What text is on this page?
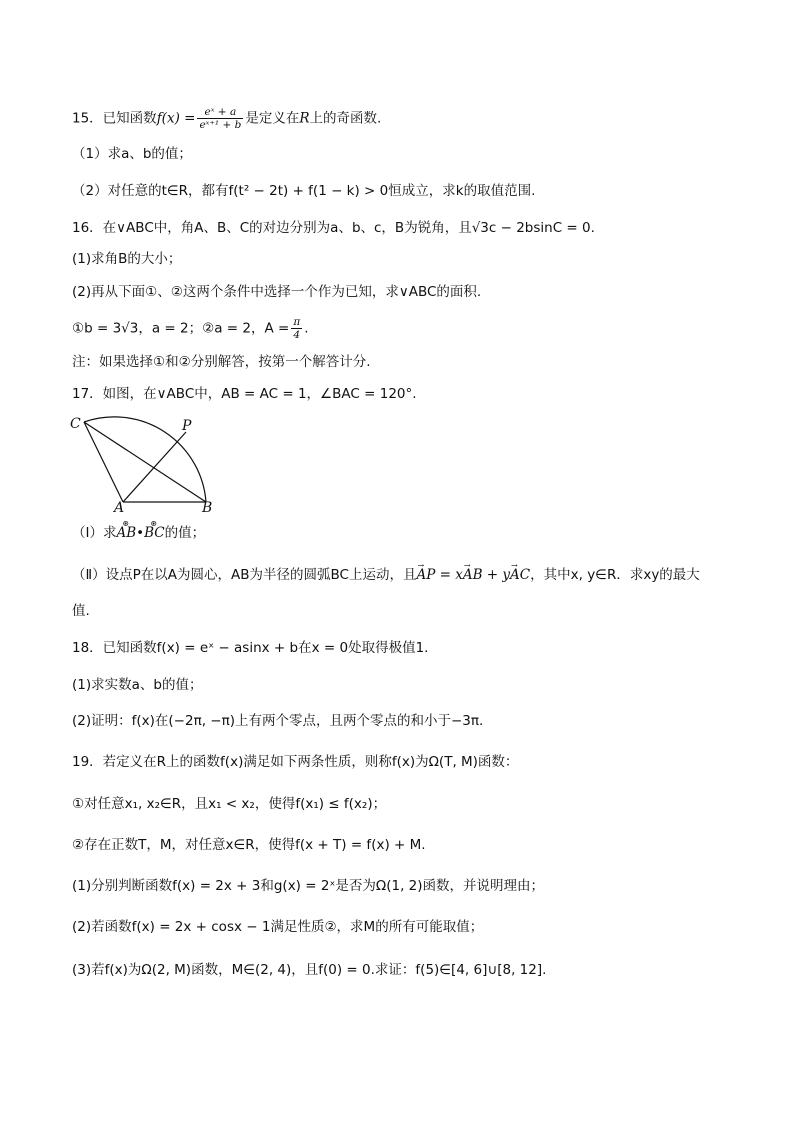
15．已知函数$f(x) = \frac{\text{eˣ + a}}{\text{eˣ⁺¹ + b}}$ 是定义在R上的奇函数.
（1）求a、b的值；
（2）对任意的t∈R，都有f(t² − 2t) + f(1 − k) > 0恒成立，求k的取值范围.
16．在∨ABC中，角A、B、C的对边分别为a、b、c，B为锐角，且√3c − 2bsinC = 0.
(1)求角B的大小；
(2)再从下面①、②这两个条件中选择一个作为已知，求∨ABC的面积.
①b = 3√3，a = 2；②a = 2，$A = \frac{\pi}{4}$ .
注：如果选择①和②分别解答，按第一个解答计分.
17．如图，在∨ABC中，AB = AC = 1，∠BAC = 120°.
C	P
A	B
（Ⅰ）求⊛ AB•⊛ BC的值；
（Ⅱ）设点P在以A为圆心，AB为半径的圆弧BC上运动，且→ AP = x→ AB + y→ AC，其中x, y∈R．求xy的最大
值.
18．已知函数f(x) = eˣ − asinx + b在x = 0处取得极值1.
(1)求实数a、b的值；
(2)证明：f(x)在(−2π, −π)上有两个零点，且两个零点的和小于−3π.
19．若定义在R上的函数f(x)满足如下两条性质，则称f(x)为Ω(T, M)函数：
①对任意x₁, x₂∈R，且x₁ < x₂，使得f(x₁) ≤ f(x₂)；
②存在正数T，M，对任意x∈R，使得f(x + T) = f(x) + M.
(1)分别判断函数f(x) = 2x + 3和g(x) = 2ˣ是否为Ω(1, 2)函数，并说明理由；
(2)若函数f(x) = 2x + cosx − 1满足性质②，求M的所有可能取值；
(3)若f(x)为Ω(2, M)函数，M∈(2, 4)，且f(0) = 0.求证：f(5)∈[4, 6]∪[8, 12].
